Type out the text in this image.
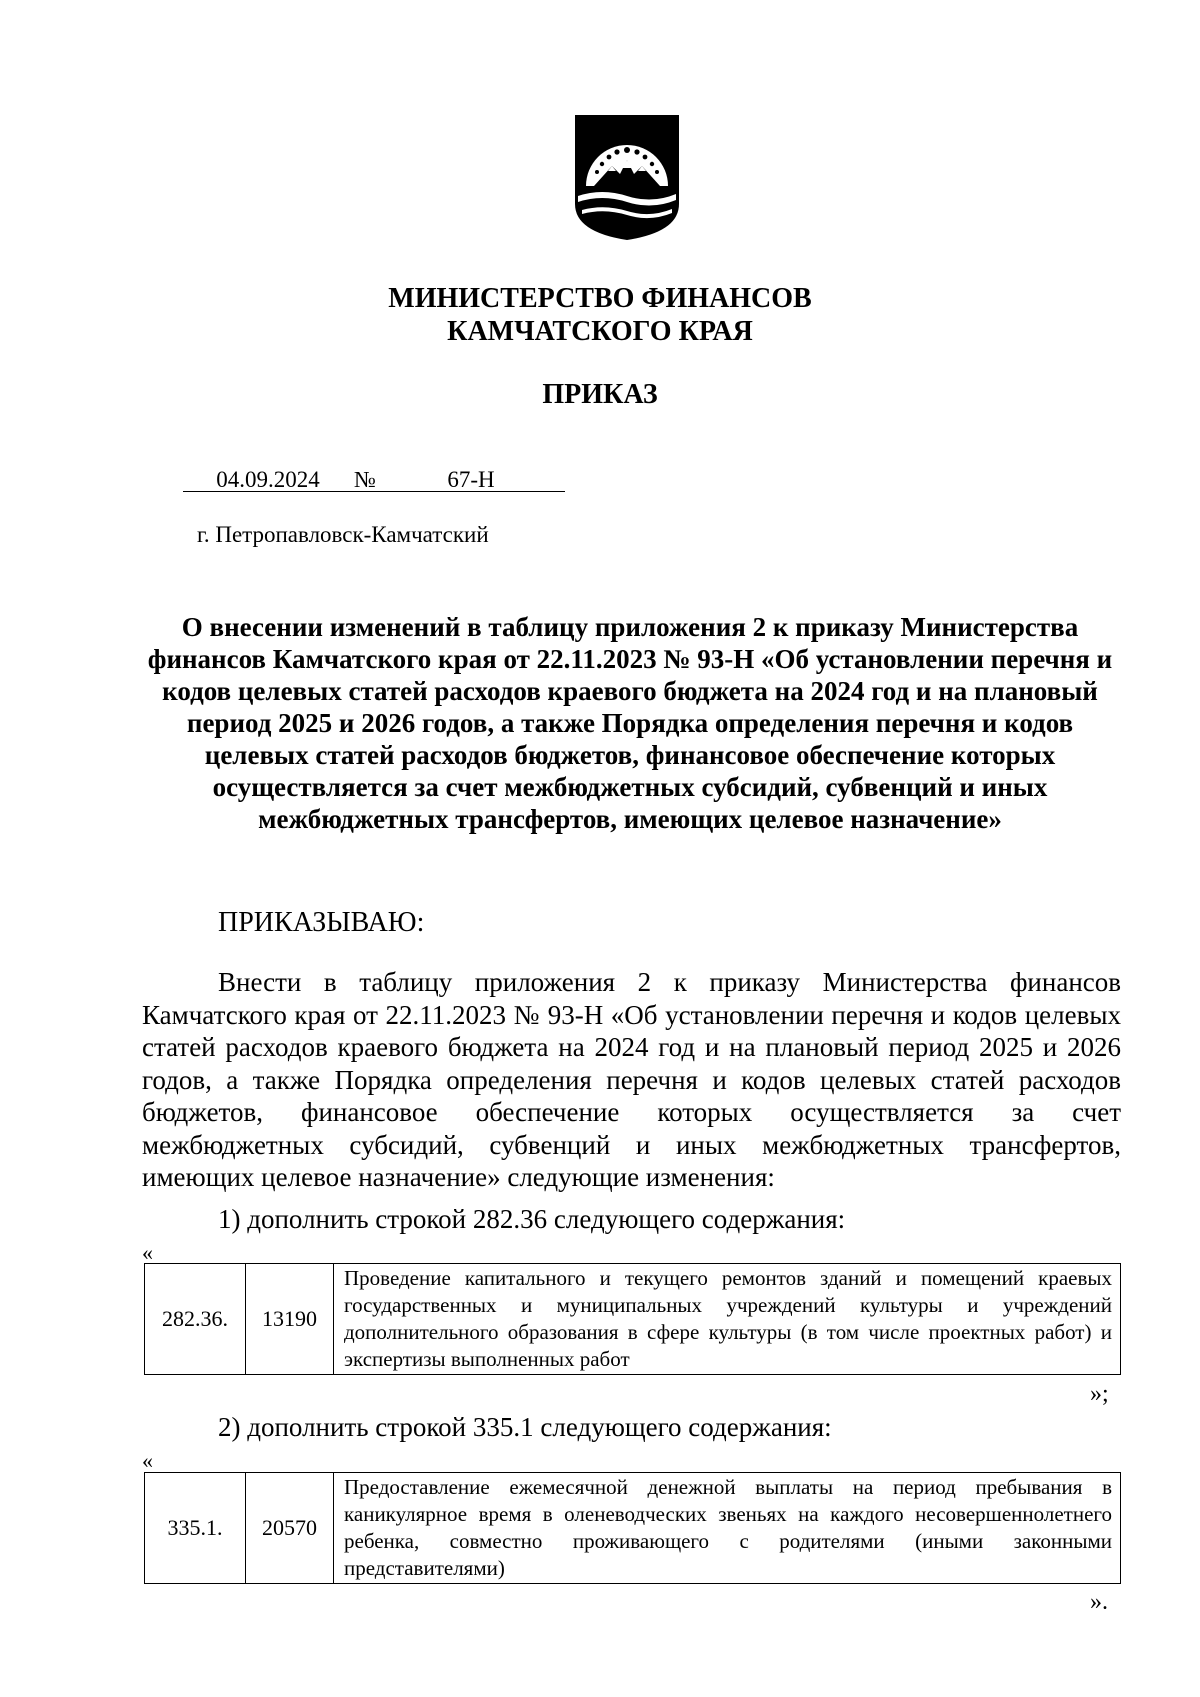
МИНИСТЕРСТВО ФИНАНСОВ
КАМЧАТСКОГО КРАЯ
ПРИКАЗ
04.09.2024 №	67-Н
г. Петропавловск-Камчатский
О внесении изменений в таблицу приложения 2 к приказу Министерства финансов Камчатского края от 22.11.2023 № 93-Н «Об установлении перечня и кодов целевых статей расходов краевого бюджета на 2024 год и на плановый период 2025 и 2026 годов, а также Порядка определения перечня и кодов целевых статей расходов бюджетов, финансовое обеспечение которых осуществляется за счет межбюджетных субсидий, субвенций и иных межбюджетных трансфертов, имеющих целевое назначение»
ПРИКАЗЫВАЮ:
Внести в таблицу приложения 2 к приказу Министерства финансов Камчатского края от 22.11.2023 № 93-Н «Об установлении перечня и кодов целевых статей расходов краевого бюджета на 2024 год и на плановый период 2025 и 2026 годов, а также Порядка определения перечня и кодов целевых статей расходов бюджетов, финансовое обеспечение которых осуществляется за счет межбюджетных субсидий, субвенций и иных межбюджетных трансфертов, имеющих целевое назначение» следующие изменения:
1) дополнить строкой 282.36 следующего содержания:
«
282.36.	13190	Проведение капитального и текущего ремонтов зданий и помещений краевых государственных и муниципальных учреждений культуры и учреждений дополнительного образования в сфере культуры (в том числе проектных работ) и экспертизы выполненных работ
»;
2) дополнить строкой 335.1 следующего содержания:
«
335.1.	20570	Предоставление ежемесячной денежной выплаты на период пребывания в каникулярное время в оленеводческих звеньях на каждого несовершеннолетнего ребенка, совместно проживающего с родителями (иными законными представителями)
».
